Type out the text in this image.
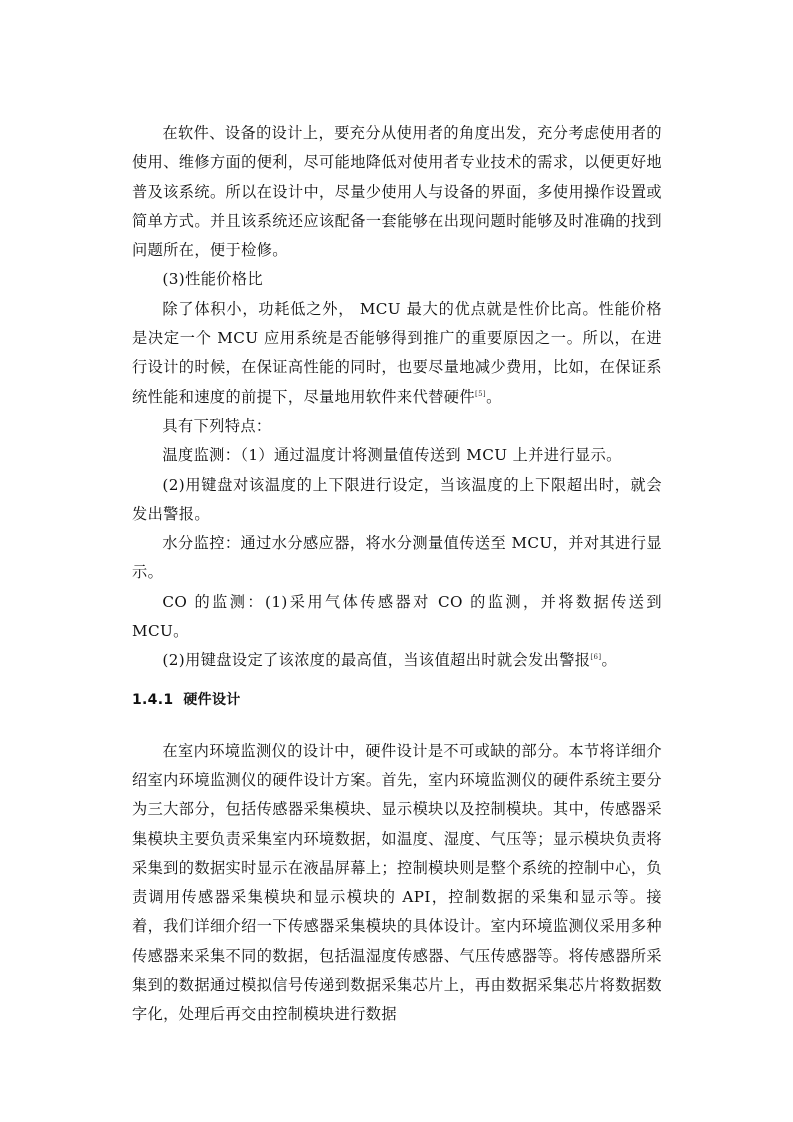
在软件、设备的设计上，要充分从使用者的角度出发，充分考虑使用者的使用、维修方面的便利，尽可能地降低对使用者专业技术的需求，以便更好地普及该系统。所以在设计中，尽量少使用人与设备的界面，多使用操作设置或简单方式。并且该系统还应该配备一套能够在出现问题时能够及时准确的找到问题所在，便于检修。

(3)性能价格比

除了体积小，功耗低之外， MCU 最大的优点就是性价比高。性能价格是决定一个 MCU 应用系统是否能够得到推广的重要原因之一。所以，在进行设计的时候，在保证高性能的同时，也要尽量地减少费用，比如，在保证系统性能和速度的前提下，尽量地用软件来代替硬件[5]。

具有下列特点：

温度监测：（1）通过温度计将测量值传送到 MCU 上并进行显示。

(2)用键盘对该温度的上下限进行设定，当该温度的上下限超出时，就会发出警报。

水分监控：通过水分感应器，将水分测量值传送至 MCU，并对其进行显示。

CO 的监测：(1)采用气体传感器对 CO 的监测，并将数据传送到 MCU。

(2)用键盘设定了该浓度的最高值，当该值超出时就会发出警报[6]。

1.4.1 硬件设计

在室内环境监测仪的设计中，硬件设计是不可或缺的部分。本节将详细介绍室内环境监测仪的硬件设计方案。首先，室内环境监测仪的硬件系统主要分为三大部分，包括传感器采集模块、显示模块以及控制模块。其中，传感器采集模块主要负责采集室内环境数据，如温度、湿度、气压等；显示模块负责将采集到的数据实时显示在液晶屏幕上；控制模块则是整个系统的控制中心，负责调用传感器采集模块和显示模块的 API，控制数据的采集和显示等。接着，我们详细介绍一下传感器采集模块的具体设计。室内环境监测仪采用多种传感器来采集不同的数据，包括温湿度传感器、气压传感器等。将传感器所采集到的数据通过模拟信号传递到数据采集芯片上，再由数据采集芯片将数据数字化，处理后再交由控制模块进行数据
